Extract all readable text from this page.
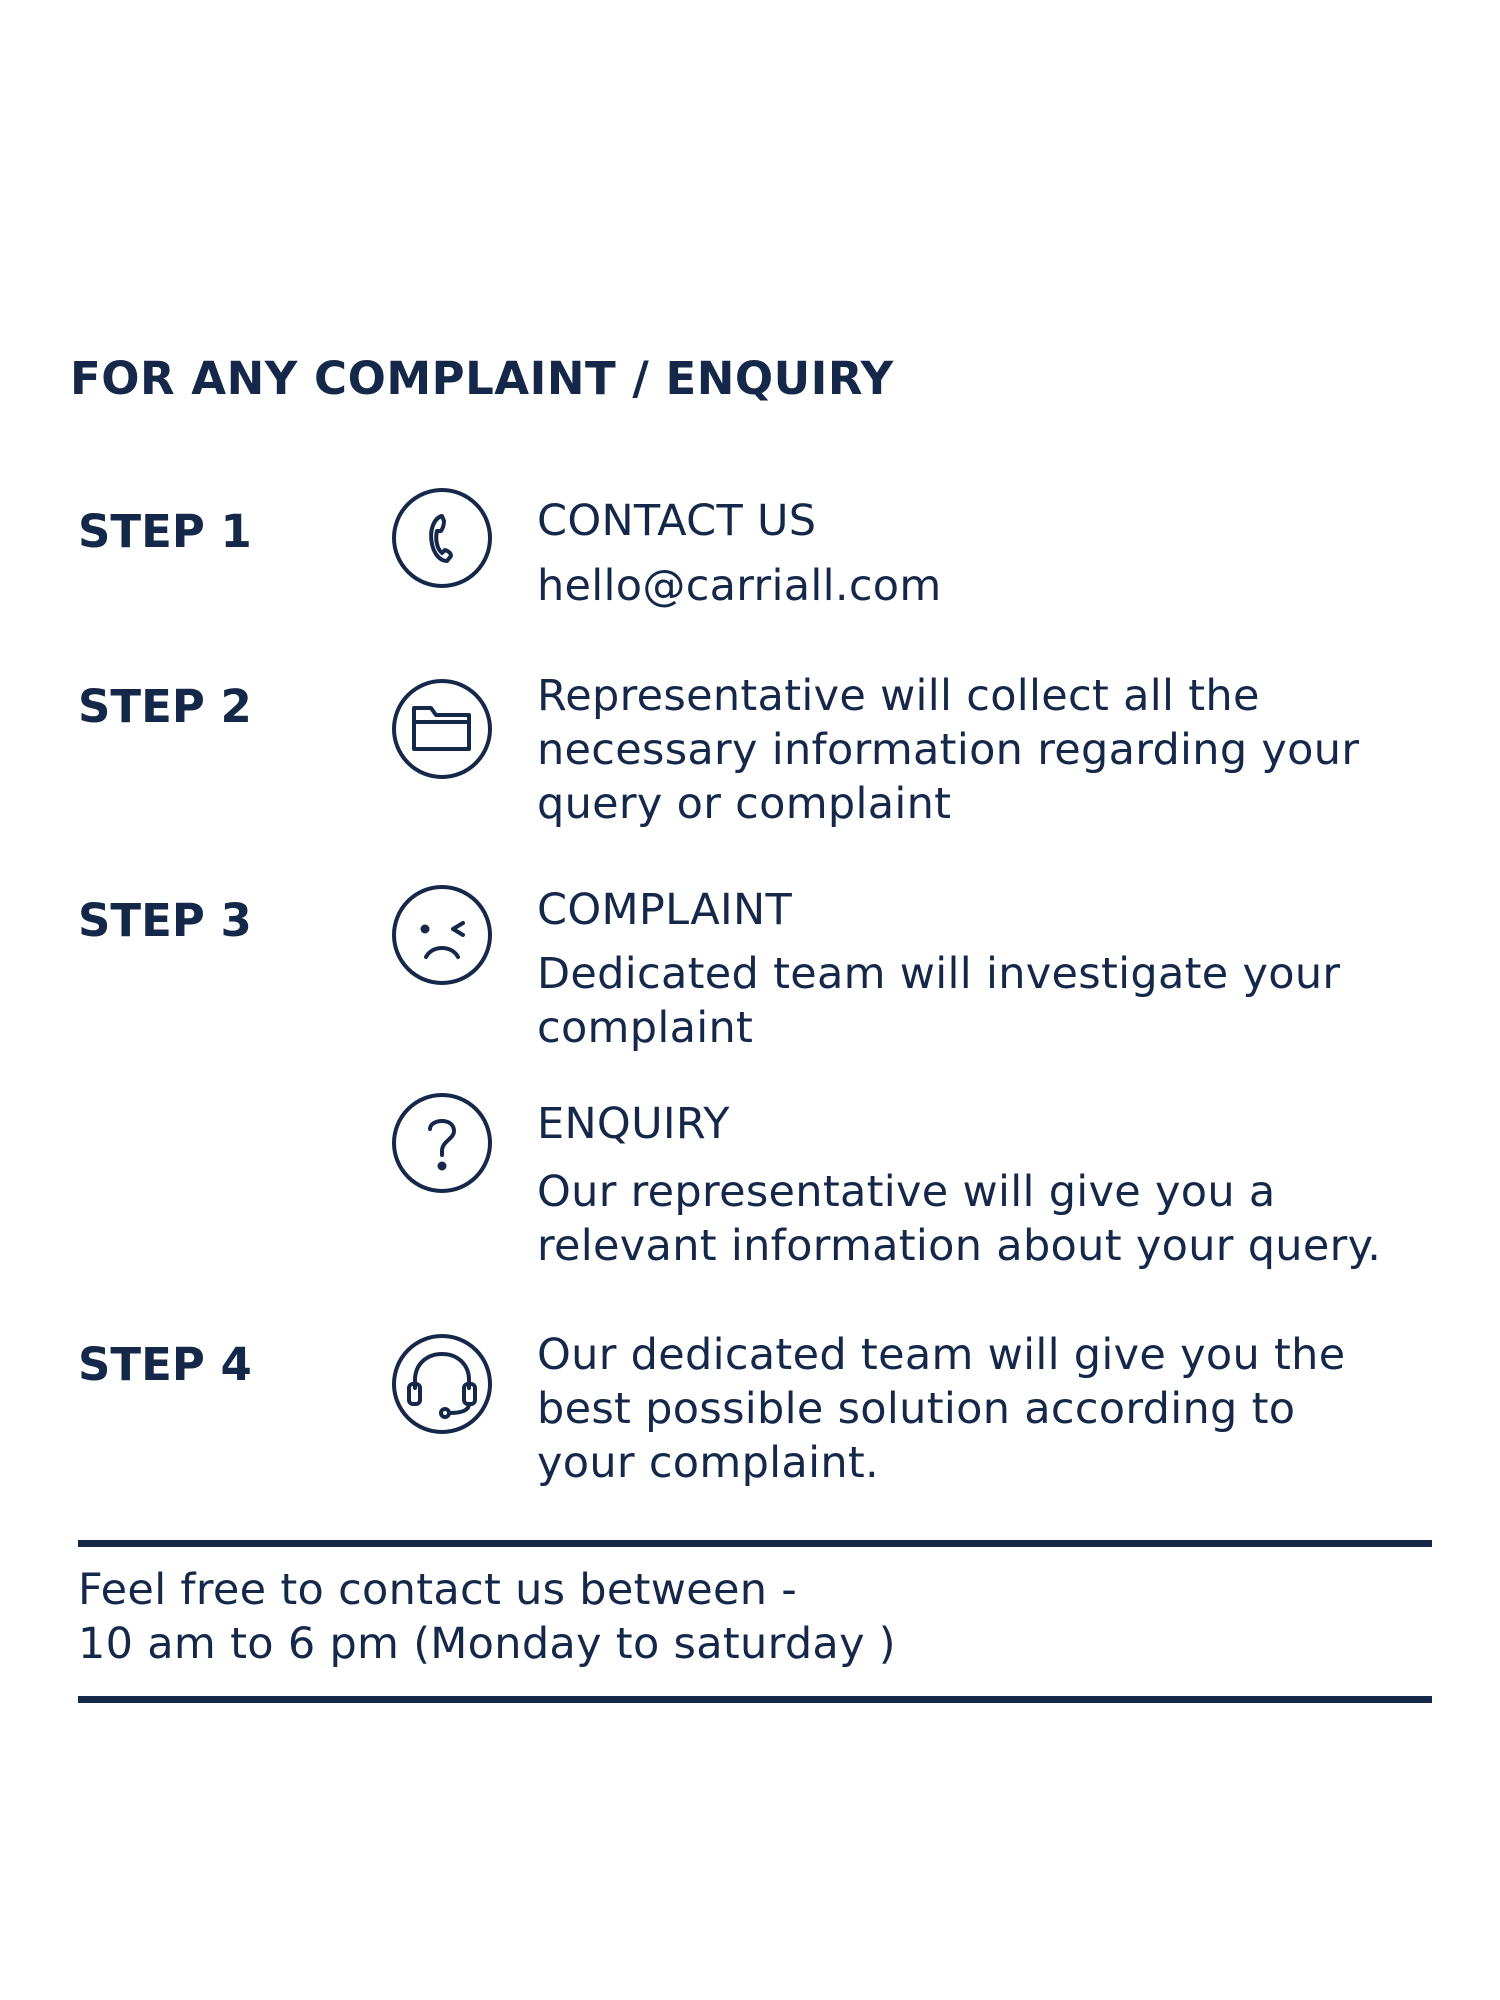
FOR ANY COMPLAINT / ENQUIRY
STEP 1	CONTACT US
hello@carriall.com
STEP 2	Representative will collect all the
necessary information regarding your
query or complaint
STEP 3	COMPLAINT
Dedicated team will investigate your
complaint
ENQUIRY
Our representative will give you a
relevant information about your query.
STEP 4	Our dedicated team will give you the
best possible solution according to
your complaint.
Feel free to contact us between -
10 am to 6 pm (Monday to saturday )
